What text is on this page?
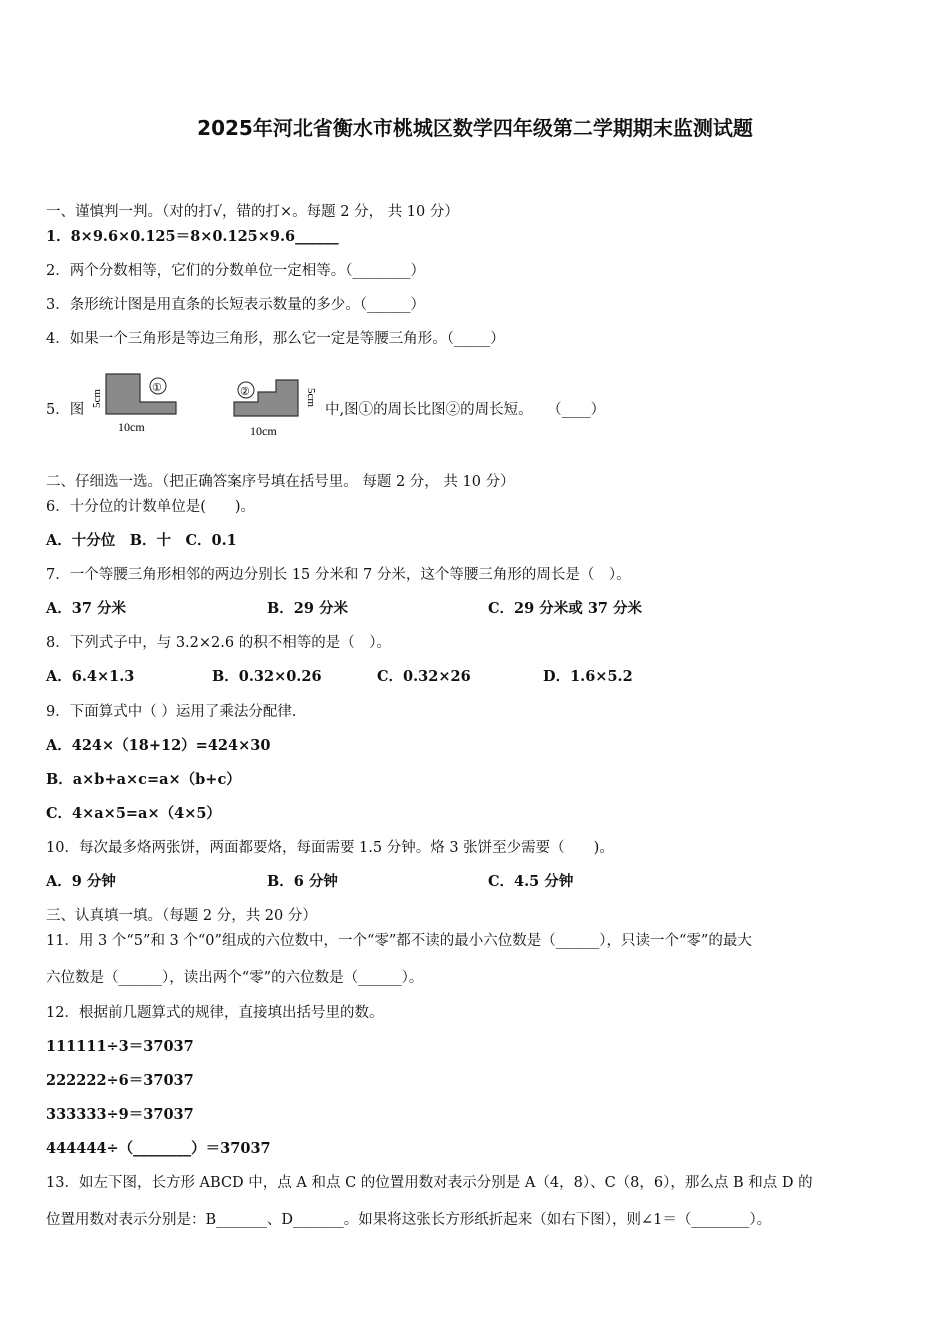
2025年河北省衡水市桃城区数学四年级第二学期期末监测试题
一、谨慎判一判。（对的打√，错的打×。每题 2 分， 共 10 分）
1．8×9.6×0.125＝8×0.125×9.6______
2．两个分数相等，它们的分数单位一定相等。（________）
3．条形统计图是用直条的长短表示数量的多少。（______）
4．如果一个三角形是等边三角形，那么它一定是等腰三角形。（_____）
5．图
①
5cm
10cm
②	5cm
10cm
中,图①的周长比图②的周长短。　　（____）
二、仔细选一选。（把正确答案序号填在括号里。 每题 2 分， 共 10 分）
6．十分位的计数单位是(　　)。
A．十分位　B．十　C．0.1
7．一个等腰三角形相邻的两边分别长 15 分米和 7 分米，这个等腰三角形的周长是（　）。
A．37 分米	B．29 分米	C．29 分米或 37 分米
8．下列式子中，与 3.2×2.6 的积不相等的是（　）。
A．6.4×1.3	B．0.32×0.26	C．0.32×26	D．1.6×5.2
9．下面算式中（ ）运用了乘法分配律.
A．424×（18+12）=424×30
B．a×b+a×c=a×（b+c）
C．4×a×5=a×（4×5）
10．每次最多烙两张饼，两面都要烙，每面需要 1.5 分钟。烙 3 张饼至少需要（　　)。
A．9 分钟	B．6 分钟	C．4.5 分钟
三、认真填一填。（每题 2 分，共 20 分）
11．用 3 个“5”和 3 个“0”组成的六位数中，一个“零”都不读的最小六位数是（______），只读一个“零”的最大
六位数是（______），读出两个“零”的六位数是（______）。
12．根据前几题算式的规律，直接填出括号里的数。
111111÷3＝37037
222222÷6＝37037
333333÷9＝37037
444444÷（________）＝37037
13．如左下图，长方形 ABCD 中，点 A 和点 C 的位置用数对表示分别是 A（4，8）、C（8，6），那么点 B 和点 D 的
位置用数对表示分别是：B_______、D_______。如果将这张长方形纸折起来（如右下图），则∠1＝（________）。
